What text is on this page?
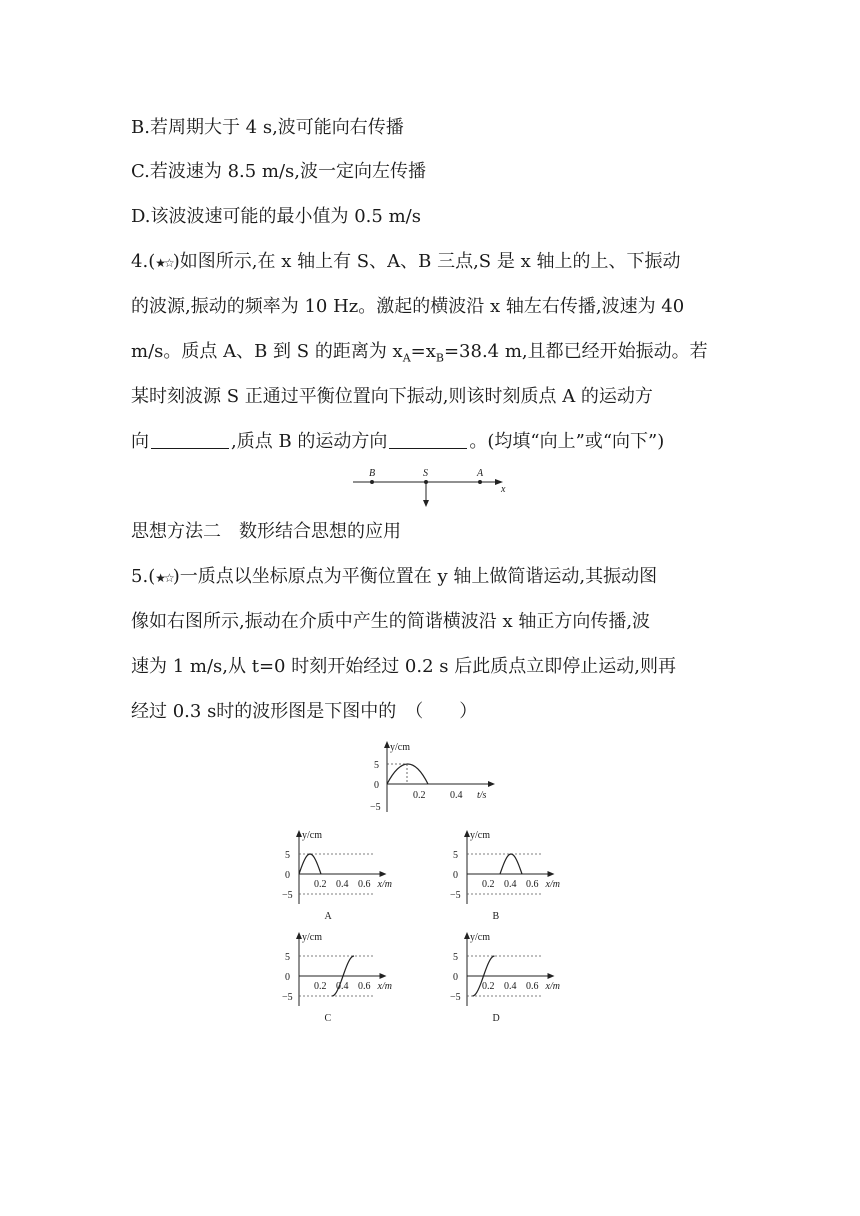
B.若周期大于 4 s,波可能向右传播
C.若波速为 8.5 m/s,波一定向左传播
D.该波波速可能的最小值为 0.5 m/s
4.(★☆)如图所示,在 x 轴上有 S、A、B 三点,S 是 x 轴上的上、下振动
的波源,振动的频率为 10 Hz。激起的横波沿 x 轴左右传播,波速为 40
m/s。质点 A、B 到 S 的距离为 $x_A=x_B=38.4$ m,且都已经开始振动。若
某时刻波源 S 正通过平衡位置向下振动,则该时刻质点 A 的运动方
向	,质点 B 的运动方向	。(均填“向上”或“向下”)
B	S	A
x
思想方法二　数形结合思想的应用
5.(★☆)一质点以坐标原点为平衡位置在 y 轴上做简谐运动,其振动图
像如右图所示,振动在介质中产生的简谐横波沿 x 轴正方向传播,波
速为 1 m/s,从 t=0 时刻开始经过 0.2 s 后此质点立即停止运动,则再
经过 0.3 s时的波形图是下图中的　（　　）
y/cm
5
0
−5
0.2 0.4 t/s
y/cm
5
0
−5
0.2 0.4 0.6 x/m
A
y/cm
5
0
−5
0.2 0.4 0.6 x/m
B
y/cm
5
0
−5
0.2 0.4 0.6 x/m
C
y/cm
5
0
−5
0.2 0.4 0.6 x/m
D
